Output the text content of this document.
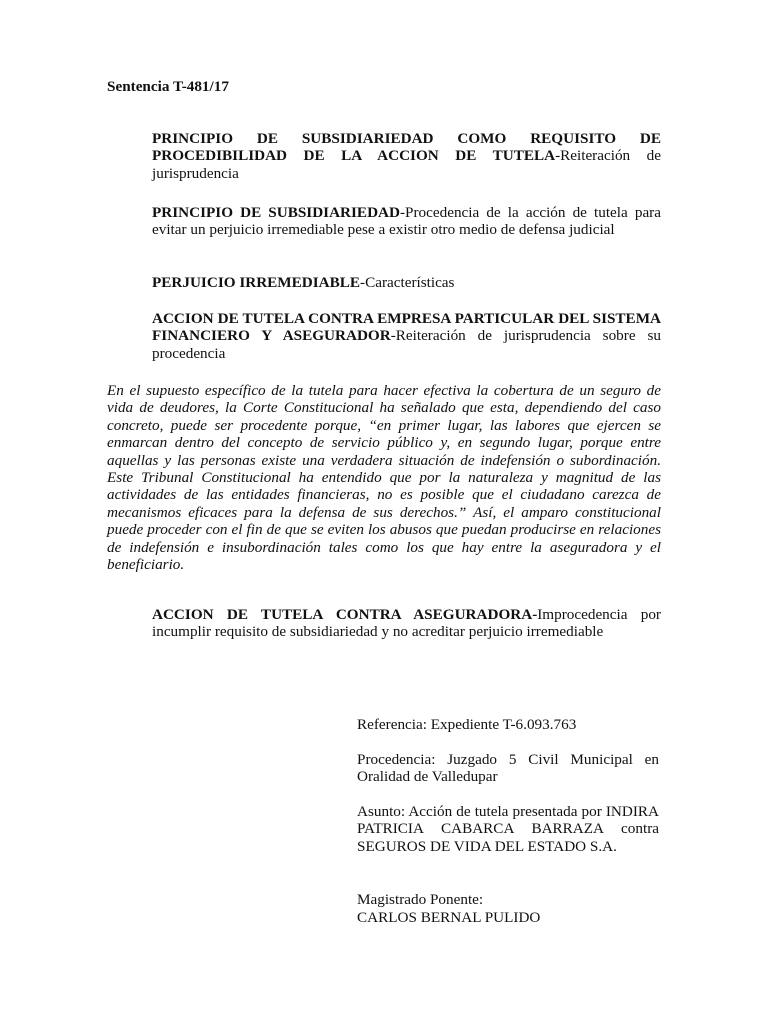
Sentencia T-481/17

PRINCIPIO DE SUBSIDIARIEDAD COMO REQUISITO DE PROCEDIBILIDAD DE LA ACCION DE TUTELA-Reiteración de jurisprudencia

PRINCIPIO DE SUBSIDIARIEDAD-Procedencia de la acción de tutela para evitar un perjuicio irremediable pese a existir otro medio de defensa judicial

PERJUICIO IRREMEDIABLE-Características

ACCION DE TUTELA CONTRA EMPRESA PARTICULAR DEL SISTEMA FINANCIERO Y ASEGURADOR-Reiteración de jurisprudencia sobre su procedencia

En el supuesto específico de la tutela para hacer efectiva la cobertura de un seguro de vida de deudores, la Corte Constitucional ha señalado que esta, dependiendo del caso concreto, puede ser procedente porque, “en primer lugar, las labores que ejercen se enmarcan dentro del concepto de servicio público y, en segundo lugar, porque entre aquellas y las personas existe una verdadera situación de indefensión o subordinación. Este Tribunal Constitucional ha entendido que por la naturaleza y magnitud de las actividades de las entidades financieras, no es posible que el ciudadano carezca de mecanismos eficaces para la defensa de sus derechos.” Así, el amparo constitucional puede proceder con el fin de que se eviten los abusos que puedan producirse en relaciones de indefensión e insubordinación tales como los que hay entre la aseguradora y el beneficiario.

ACCION DE TUTELA CONTRA ASEGURADORA-Improcedencia por incumplir requisito de subsidiariedad y no acreditar perjuicio irremediable

Referencia: Expediente T-6.093.763

Procedencia: Juzgado 5 Civil Municipal en Oralidad de Valledupar

Asunto: Acción de tutela presentada por INDIRA PATRICIA CABARCA BARRAZA contra SEGUROS DE VIDA DEL ESTADO S.A.

Magistrado Ponente:

CARLOS BERNAL PULIDO
